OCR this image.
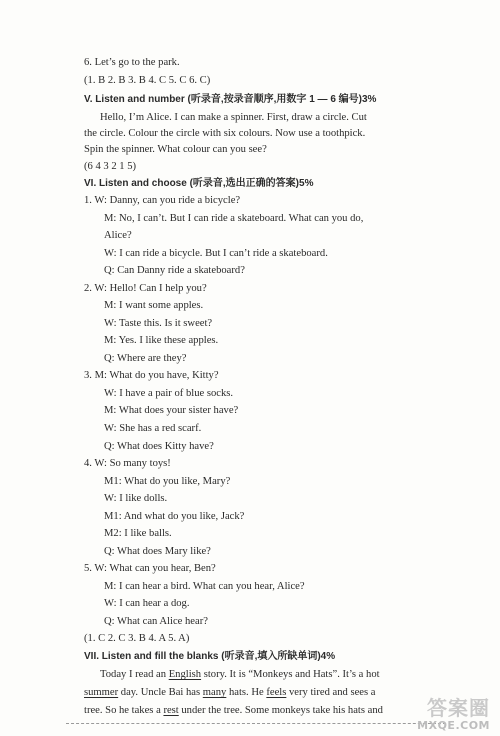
6. Let’s go to the park.
(1. B 2. B 3. B 4. C 5. C 6. C)
V. Listen and number (听录音,按录音顺序,用数字 1 — 6 编号)3%
Hello, I’m Alice. I can make a spinner. First, draw a circle. Cut
the circle. Colour the circle with six colours. Now use a toothpick.
Spin the spinner. What colour can you see?
(6 4 3 2 1 5)
VI. Listen and choose (听录音,选出正确的答案)5%
1. W: Danny, can you ride a bicycle?
M: No, I can’t. But I can ride a skateboard. What can you do,
Alice?
W: I can ride a bicycle. But I can’t ride a skateboard.
Q: Can Danny ride a skateboard?
2. W: Hello! Can I help you?
M: I want some apples.
W: Taste this. Is it sweet?
M: Yes. I like these apples.
Q: Where are they?
3. M: What do you have, Kitty?
W: I have a pair of blue socks.
M: What does your sister have?
W: She has a red scarf.
Q: What does Kitty have?
4. W: So many toys!
M1: What do you like, Mary?
W: I like dolls.
M1: And what do you like, Jack?
M2: I like balls.
Q: What does Mary like?
5. W: What can you hear, Ben?
M: I can hear a bird. What can you hear, Alice?
W: I can hear a dog.
Q: What can Alice hear?
(1. C 2. C 3. B 4. A 5. A)
VII. Listen and fill the blanks (听录音,填入所缺单词)4%
Today I read an English story. It is “Monkeys and Hats”. It’s a hot
summer day. Uncle Bai has many hats. He feels very tired and sees a
tree. So he takes a rest under the tree. Some monkeys take his hats and 答案圈
MXQE.COM
